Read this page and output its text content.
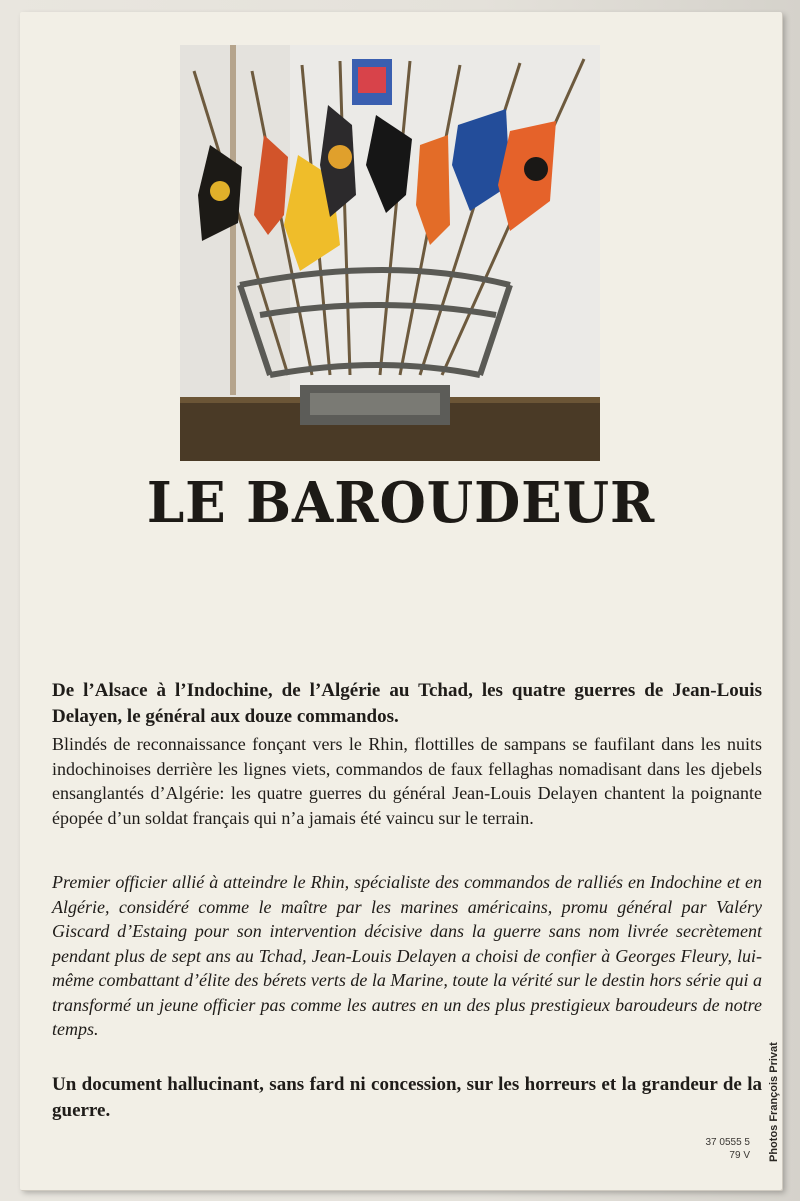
LE BAROUDEUR

De l’Alsace à l’Indochine, de l’Algérie au Tchad, les quatre guerres de Jean-Louis Delayen, le général aux douze commandos.

Blindés de reconnaissance fonçant vers le Rhin, flottilles de sampans se faufilant dans les nuits indochinoises derrière les lignes viets, commandos de faux fellaghas nomadisant dans les djebels ensanglantés d’Algérie: les quatre guerres du général Jean-Louis Delayen chantent la poignante épopée d’un soldat français qui n’a jamais été vaincu sur le terrain.

Premier officier allié à atteindre le Rhin, spécialiste des commandos de ralliés en Indochine et en Algérie, considéré comme le maître par les marines américains, promu général par Valéry Giscard d’Estaing pour son intervention décisive dans la guerre sans nom livrée secrètement pendant plus de sept ans au Tchad, Jean-Louis Delayen a choisi de confier à Georges Fleury, lui-même combattant d’élite des bérets verts de la Marine, toute la vérité sur le destin hors série qui a transformé un jeune officier pas comme les autres en un des plus prestigieux baroudeurs de notre temps.

Un document hallucinant, sans fard ni concession, sur les horreurs et la grandeur de la guerre.

37 0555 5
79 V Photos François Privat
